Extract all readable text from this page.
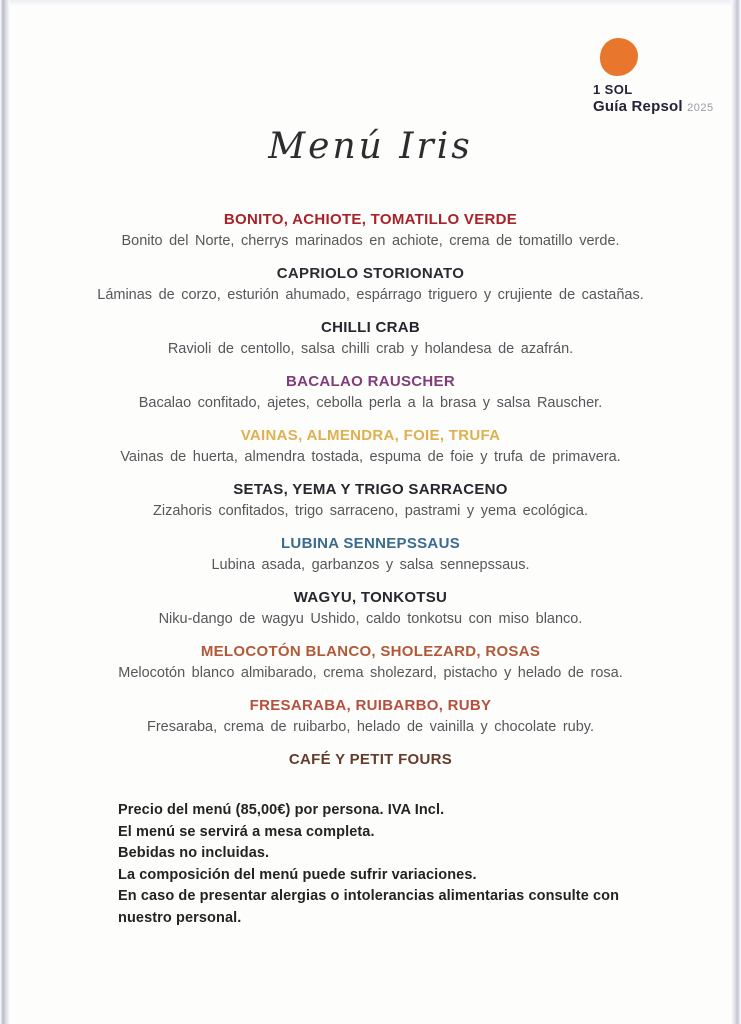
1 SOL
Guía Repsol 2025
Menú Iris
BONITO, ACHIOTE, TOMATILLO VERDE

Bonito del Norte, cherrys marinados en achiote, crema de tomatillo verde.

CAPRIOLO STORIONATO

Láminas de corzo, esturión ahumado, espárrago triguero y crujiente de castañas.

CHILLI CRAB

Ravioli de centollo, salsa chilli crab y holandesa de azafrán.

BACALAO RAUSCHER

Bacalao confitado, ajetes, cebolla perla a la brasa y salsa Rauscher.

VAINAS, ALMENDRA, FOIE, TRUFA

Vainas de huerta, almendra tostada, espuma de foie y trufa de primavera.

SETAS, YEMA Y TRIGO SARRACENO

Zizahoris confitados, trigo sarraceno, pastrami y yema ecológica.

LUBINA SENNEPSSAUS

Lubina asada, garbanzos y salsa sennepssaus.

WAGYU, TONKOTSU

Niku-dango de wagyu Ushido, caldo tonkotsu con miso blanco.

MELOCOTÓN BLANCO, SHOLEZARD, ROSAS

Melocotón blanco almibarado, crema sholezard, pistacho y helado de rosa.

FRESARABA, RUIBARBO, RUBY

Fresaraba, crema de ruibarbo, helado de vainilla y chocolate ruby.

CAFÉ Y PETIT FOURS

Precio del menú (85,00€) por persona. IVA Incl.

El menú se servirá a mesa completa.

Bebidas no incluidas.

La composición del menú puede sufrir variaciones.

En caso de presentar alergias o intolerancias alimentarias consulte con nuestro personal.
